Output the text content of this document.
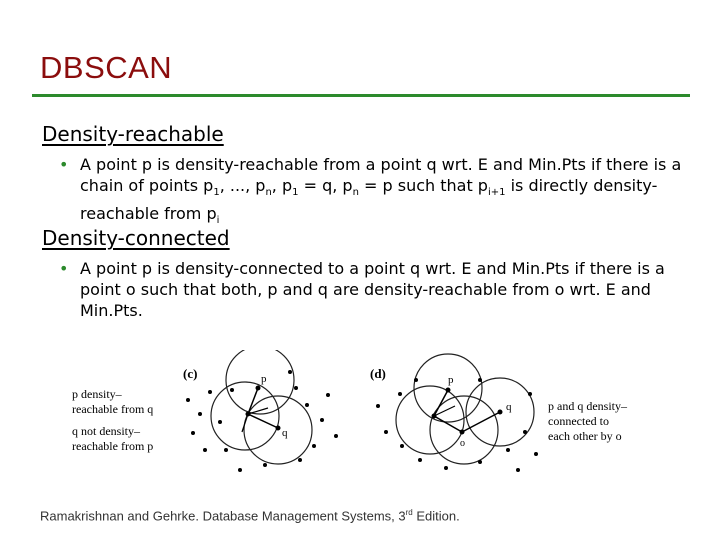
DBSCAN
Density-reachable
• A point p is density-reachable from a point q wrt. E and Min.Pts if there is a chain of points $p_1$, ..., $p_n$, $p_1 = q$, $p_n = p$ such that $p_{i+1}$ is directly density-reachable from $p_i$
Density-connected
• A point p is density-connected to a point q wrt. E and Min.Pts if there is a point o such that both, p and q are density-reachable from o wrt. E and Min.Pts.
(c)
p density–
reachable from q
q not density–
reachable from p
p
q
(d)	p
q
o
p and q density–
connected to
each other by o
Ramakrishnan and Gehrke. Database Management Systems, 3rd Edition.
